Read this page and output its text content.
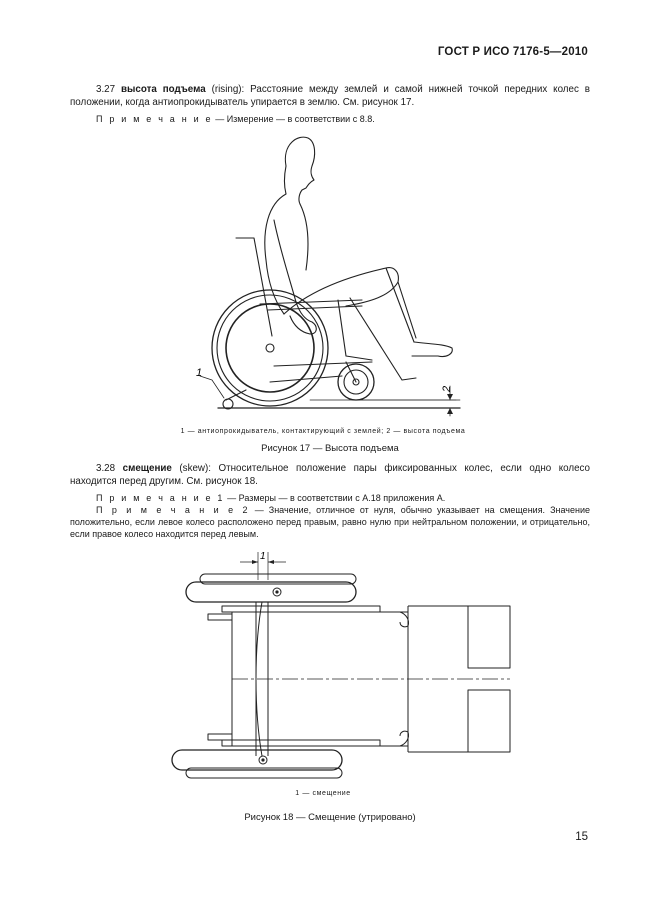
ГОСТ Р ИСО 7176-5—2010
3.27 высота подъема (rising): Расстояние между землей и самой нижней точкой передних колес в положении, когда антиопрокидыватель упирается в землю. См. рисунок 17.
П р и м е ч а н и е — Измерение — в соответствии с 8.8.
1
2
1 — антиопрокидыватель, контактирующий с землей; 2 — высота подъема
Рисунок 17 — Высота подъема
3.28 смещение (skew): Относительное положение пары фиксированных колес, если одно колесо находится перед другим. См. рисунок 18.
П р и м е ч а н и е 1 — Размеры — в соответствии с А.18 приложения А.
П р и м е ч а н и е 2 — Значение, отличное от нуля, обычно указывает на смещения. Значение положительно, если левое колесо расположено перед правым, равно нулю при нейтральном положении, и отрицательно, если правое колесо находится перед левым.
1
1 — смещение
Рисунок 18 — Смещение (утрировано)
15
